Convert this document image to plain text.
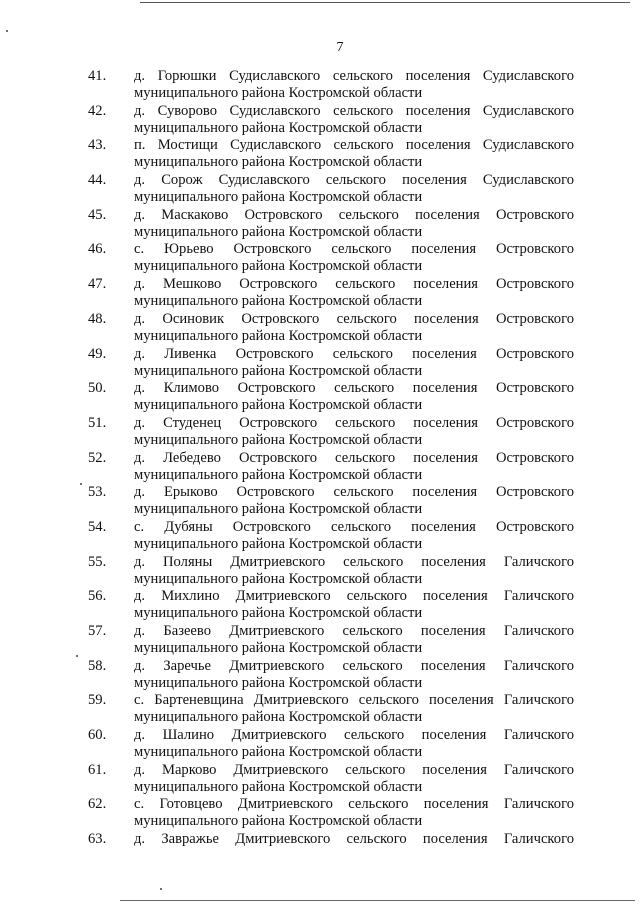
7
41.	д. Горюшки Судиславского сельского поселения Судиславского
муниципального района Костромской области
42.	д. Суворово Судиславского сельского поселения Судиславского
муниципального района Костромской области
43.	п. Мостищи Судиславского сельского поселения Судиславского
муниципального района Костромской области
44.	д. Сорож Судиславского сельского поселения Судиславского
муниципального района Костромской области
45.	д. Маскаково Островского сельского поселения Островского
муниципального района Костромской области
46.	с. Юрьево Островского сельского поселения Островского
муниципального района Костромской области
47.	д. Мешково Островского сельского поселения Островского
муниципального района Костромской области
48.	д. Осиновик Островского сельского поселения Островского
муниципального района Костромской области
49.	д. Ливенка Островского сельского поселения Островского
муниципального района Костромской области
50.	д. Климово Островского сельского поселения Островского
муниципального района Костромской области
51.	д. Студенец Островского сельского поселения Островского
муниципального района Костромской области
52.	д. Лебедево Островского сельского поселения Островского
муниципального района Костромской области
53.	д. Ерыково Островского сельского поселения Островского
муниципального района Костромской области
54.	с. Дубяны Островского сельского поселения Островского
муниципального района Костромской области
55.	д. Поляны Дмитриевского сельского поселения Галичского
муниципального района Костромской области
56.	д. Михлино Дмитриевского сельского поселения Галичского
муниципального района Костромской области
57.	д. Базеево Дмитриевского сельского поселения Галичского
муниципального района Костромской области
58.	д. Заречье Дмитриевского сельского поселения Галичского
муниципального района Костромской области
59.	с. Бартеневщина Дмитриевского сельского поселения Галичского
муниципального района Костромской области
60.	д. Шалино Дмитриевского сельского поселения Галичского
муниципального района Костромской области
61.	д. Марково Дмитриевского сельского поселения Галичского
муниципального района Костромской области
62.	с. Готовцево Дмитриевского сельского поселения Галичского
муниципального района Костромской области
63.	д. Завражье Дмитриевского сельского поселения Галичского
